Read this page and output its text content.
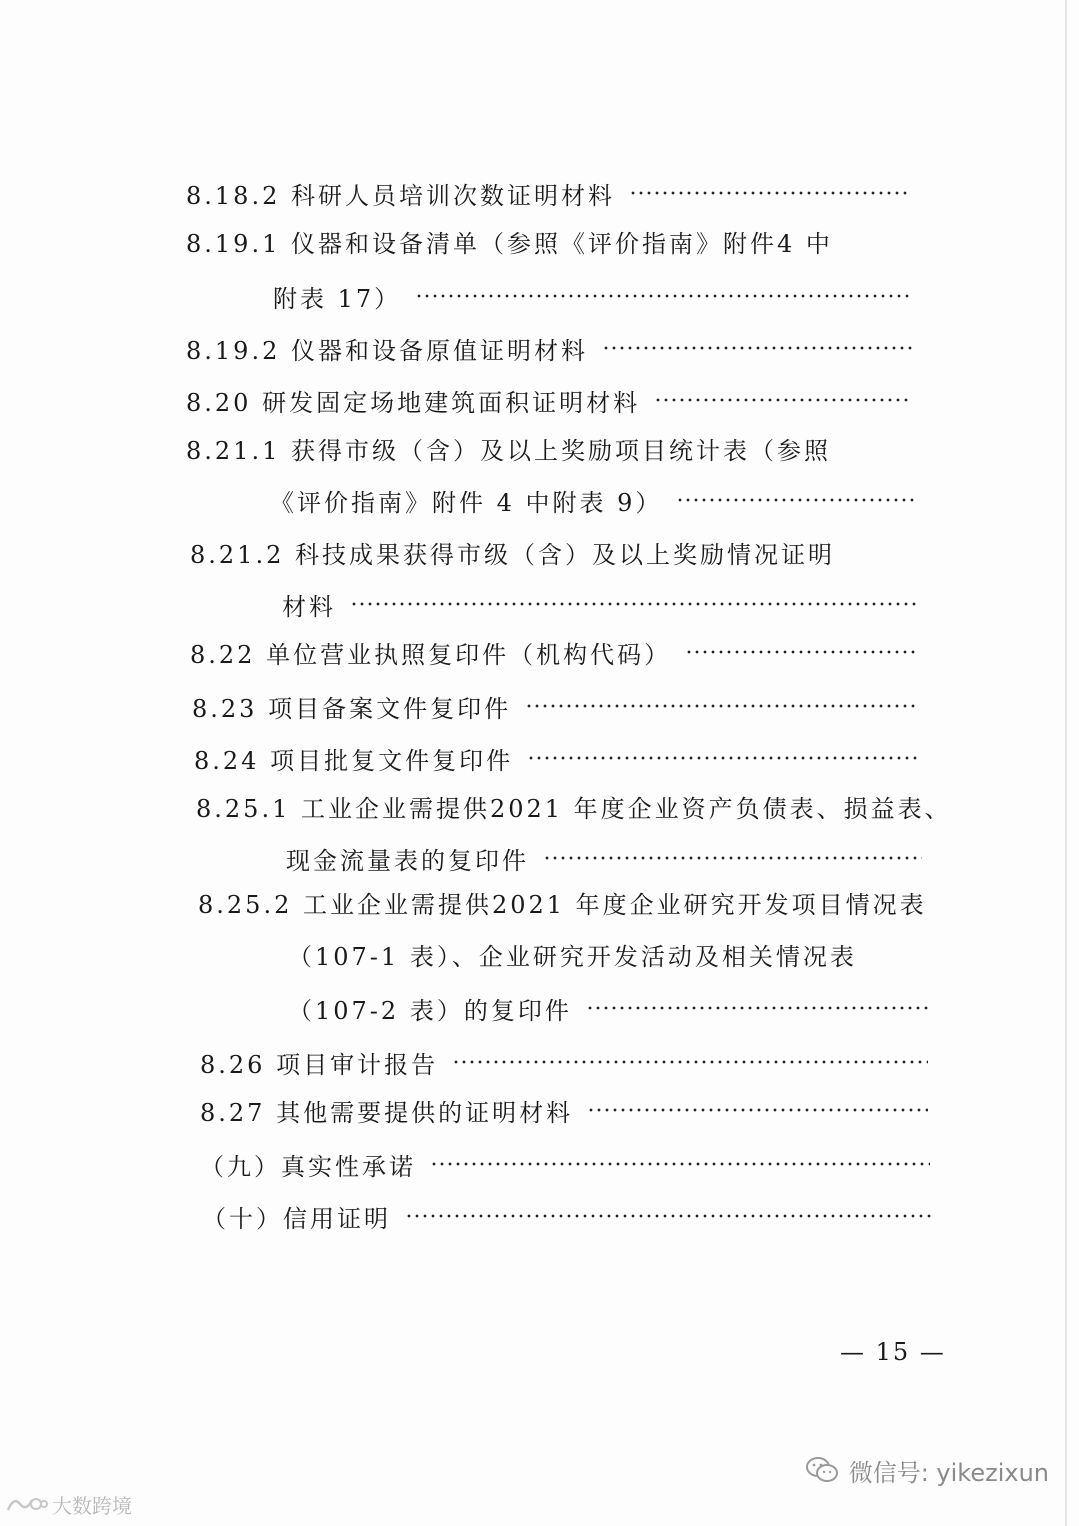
8.18.2 科研人员培训次数证明材料
8.19.1 仪器和设备清单（参照《评价指南》附件4 中
附表 17）
8.19.2 仪器和设备原值证明材料
8.20 研发固定场地建筑面积证明材料
8.21.1 获得市级（含）及以上奖励项目统计表（参照
《评价指南》附件 4 中附表 9）
8.21.2 科技成果获得市级（含）及以上奖励情况证明
材料
8.22 单位营业执照复印件（机构代码）
8.23 项目备案文件复印件
8.24 项目批复文件复印件
8.25.1 工业企业需提供2021 年度企业资产负债表、损益表、
现金流量表的复印件
8.25.2 工业企业需提供2021 年度企业研究开发项目情况表
（107-1 表）、企业研究开发活动及相关情况表
（107-2 表）的复印件
8.26 项目审计报告
8.27 其他需要提供的证明材料
（九）真实性承诺
（十）信用证明
— 15 —
微信号: yikezixun
大数跨境
